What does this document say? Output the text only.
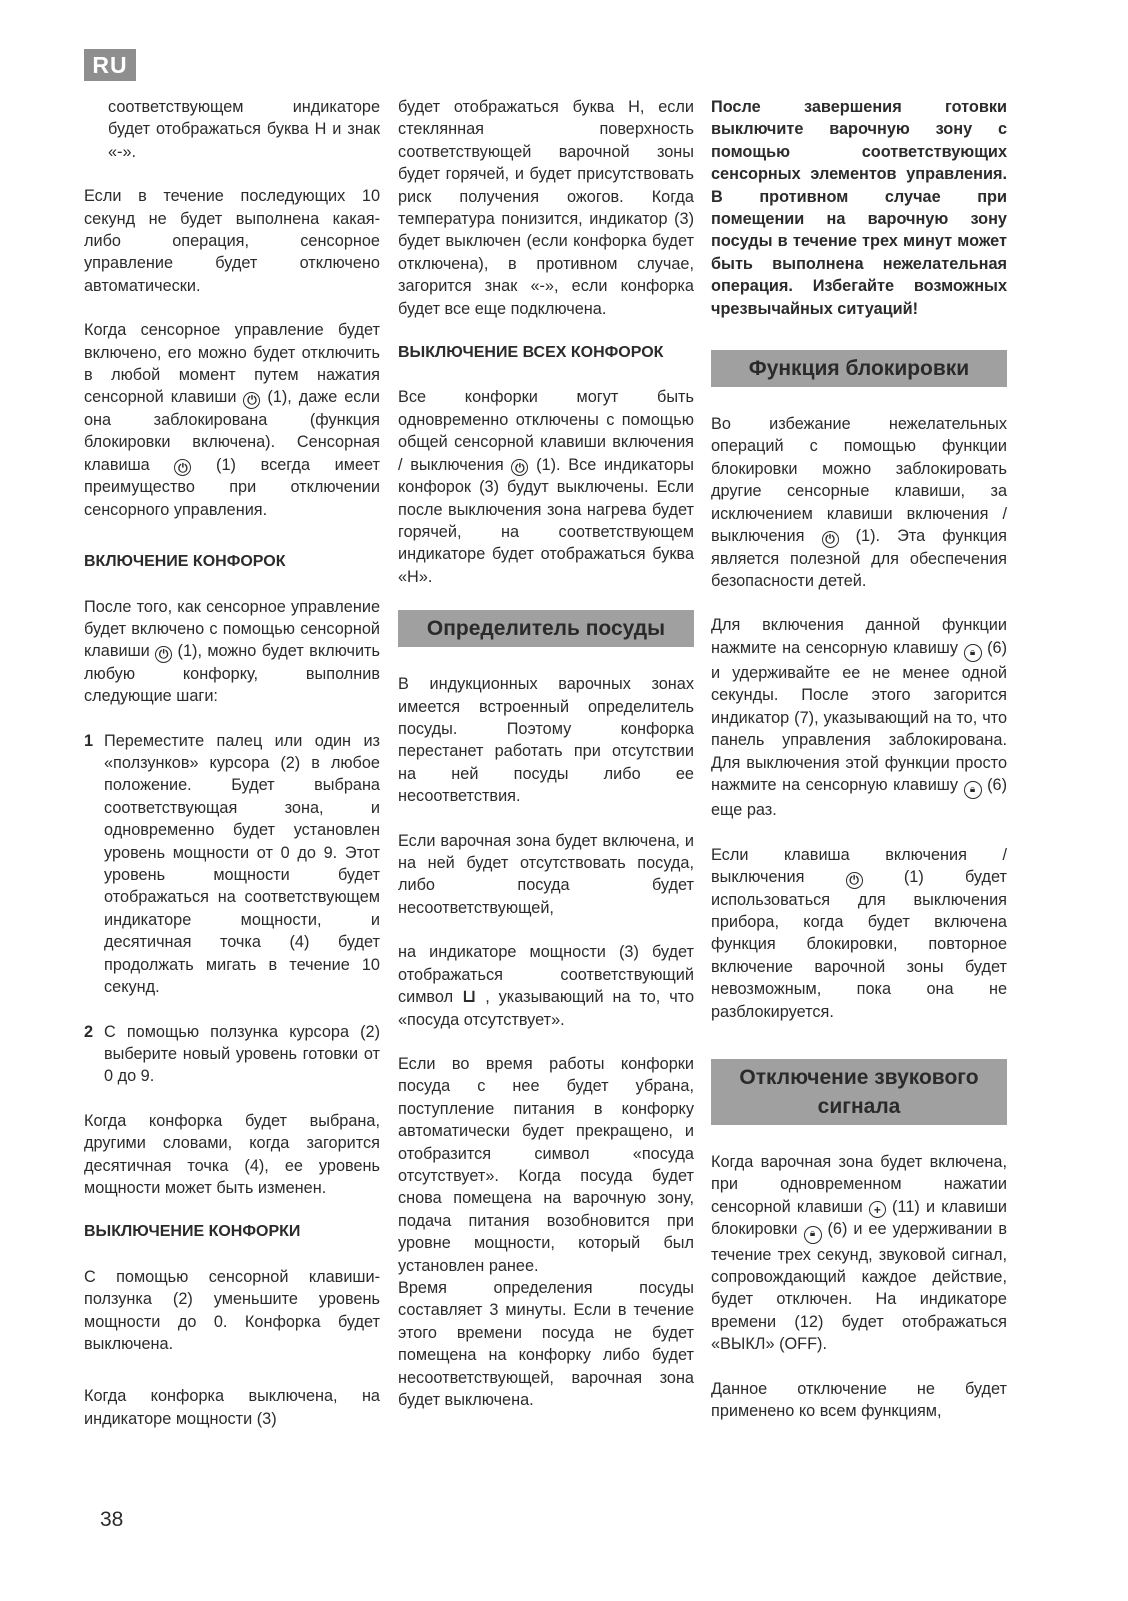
RU

соответствующем индикаторе будет отображаться буква H и знак «-».

Если в течение последующих 10 секунд не будет выполнена какая-либо операция, сенсорное управление будет отключено автоматически.

Когда сенсорное управление будет включено, его можно будет отключить в любой момент путем нажатия сенсорной клавиши ⏻ (1), даже если она заблокирована (функция блокировки включена). Сенсорная клавиша ⏻ (1) всегда имеет преимущество при отключении сенсорного управления.

ВКЛЮЧЕНИЕ КОНФОРОК

После того, как сенсорное управление будет включено с помощью сенсорной клавиши ⏻ (1), можно будет включить любую конфорку, выполнив следующие шаги:

1 Переместите палец или один из «ползунков» курсора (2) в любое положение. Будет выбрана соответствующая зона, и одновременно будет установлен уровень мощности от 0 до 9. Этот уровень мощности будет отображаться на соответствующем индикаторе мощности, и десятичная точка (4) будет продолжать мигать в течение 10 секунд.
2 С помощью ползунка курсора (2) выберите новый уровень готовки от 0 до 9.

Когда конфорка будет выбрана, другими словами, когда загорится десятичная точка (4), ее уровень мощности может быть изменен.

ВЫКЛЮЧЕНИЕ КОНФОРКИ

С помощью сенсорной клавиши-ползунка (2) уменьшите уровень мощности до 0. Конфорка будет выключена.

Когда конфорка выключена, на индикаторе мощности (3)

будет отображаться буква H, если стеклянная поверхность соответствующей варочной зоны будет горячей, и будет присутствовать риск получения ожогов. Когда температура понизится, индикатор (3) будет выключен (если конфорка будет отключена), в противном случае, загорится знак «-», если конфорка будет все еще подключена.

ВЫКЛЮЧЕНИЕ ВСЕХ КОНФОРОК

Все конфорки могут быть одновременно отключены с помощью общей сенсорной клавиши включения / выключения ⏻ (1). Все индикаторы конфорок (3) будут выключены. Если после выключения зона нагрева будет горячей, на соответствующем индикаторе будет отображаться буква «H».

Определитель посуды

В индукционных варочных зонах имеется встроенный определитель посуды. Поэтому конфорка перестанет работать при отсутствии на ней посуды либо ее несоответствия.

Если варочная зона будет включена, и на ней будет отсутствовать посуда, либо посуда будет несоответствующей,

на индикаторе мощности (3) будет отображаться соответствующий символ ⊔ , указывающий на то, что «посуда отсутствует».

Если во время работы конфорки посуда с нее будет убрана, поступление питания в конфорку автоматически будет прекращено, и отобразится символ «посуда отсутствует». Когда посуда будет снова помещена на варочную зону, подача питания возобновится при уровне мощности, который был установлен ранее.

Время определения посуды составляет 3 минуты. Если в течение этого времени посуда не будет помещена на конфорку либо будет несоответствующей, варочная зона будет выключена.

После завершения готовки выключите варочную зону с помощью соответствующих сенсорных элементов управления. В противном случае при помещении на варочную зону посуды в течение трех минут может быть выполнена нежелательная операция. Избегайте возможных чрезвычайных ситуаций!

Функция блокировки

Во избежание нежелательных операций с помощью функции блокировки можно заблокировать другие сенсорные клавиши, за исключением клавиши включения / выключения ⏻ (1). Эта функция является полезной для обеспечения безопасности детей.

Для включения данной функции нажмите на сенсорную клавишу 🔒︎ (6) и удерживайте ее не менее одной секунды. После этого загорится индикатор (7), указывающий на то, что панель управления заблокирована. Для выключения этой функции просто нажмите на сенсорную клавишу 🔒︎ (6) еще раз.

Если клавиша включения / выключения	⏻	(1) будет использоваться для выключения прибора, когда будет включена функция блокировки, повторное включение варочной зоны будет невозможным, пока она не разблокируется.

Отключение звукового сигнала

Когда варочная зона будет включена, при одновременном нажатии сенсорной клавиши + (11) и клавиши блокировки 🔒︎ (6) и ее удерживании в течение трех секунд, звуковой сигнал, сопровождающий каждое действие, будет отключен. На индикаторе времени (12) будет отображаться «ВЫКЛ» (OFF).

Данное отключение не будет применено ко всем функциям,

38
